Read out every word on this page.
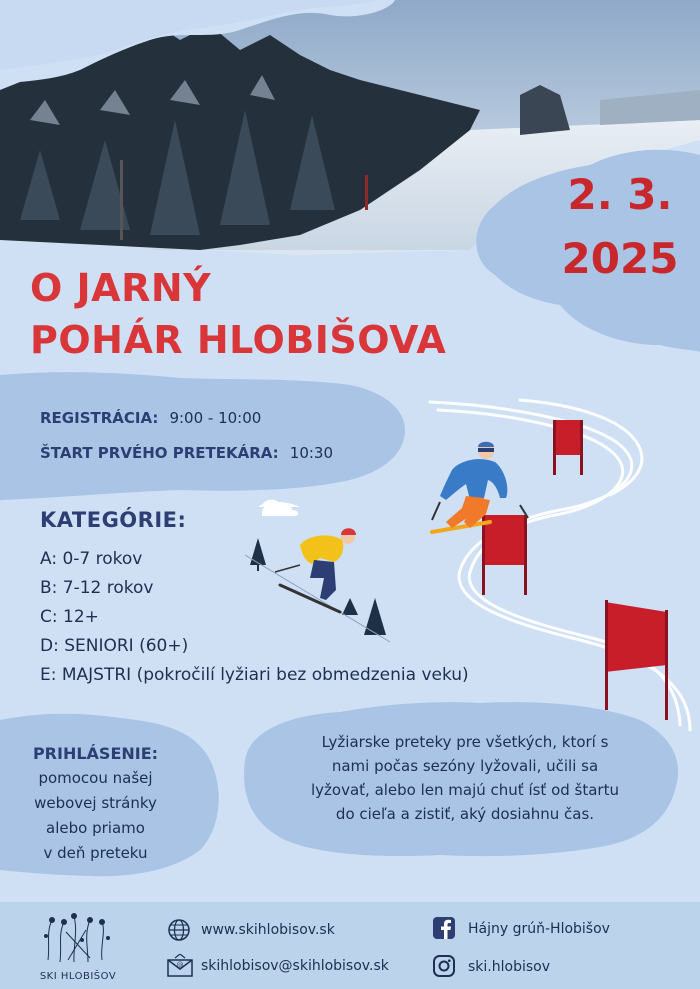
2. 3.
2025
O JARNÝ
POHÁR HLOBIŠOVA
REGISTRÁCIA: 9:00 - 10:00
ŠTART PRVÉHO PRETEKÁRA: 10:30
KATEGÓRIE:
A: 0-7 rokov
B: 7-12 rokov
C: 12+
D: SENIORI (60+)
E: MAJSTRI (pokročilí lyžiari bez obmedzenia veku)
PRIHLÁSENIE:
pomocou našej
webovej stránky
alebo priamo
v deň preteku
Lyžiarske preteky pre všetkých, ktorí s
nami počas sezóny lyžovali, učili sa
lyžovať, alebo len majú chuť ísť od štartu
do cieľa a zistiť, aký dosiahnu čas.
SKI HLOBIŠOV
www.skihlobisov.sk
@ skihlobisov@skihlobisov.sk
Hájny grúň-Hlobišov
ski.hlobisov
